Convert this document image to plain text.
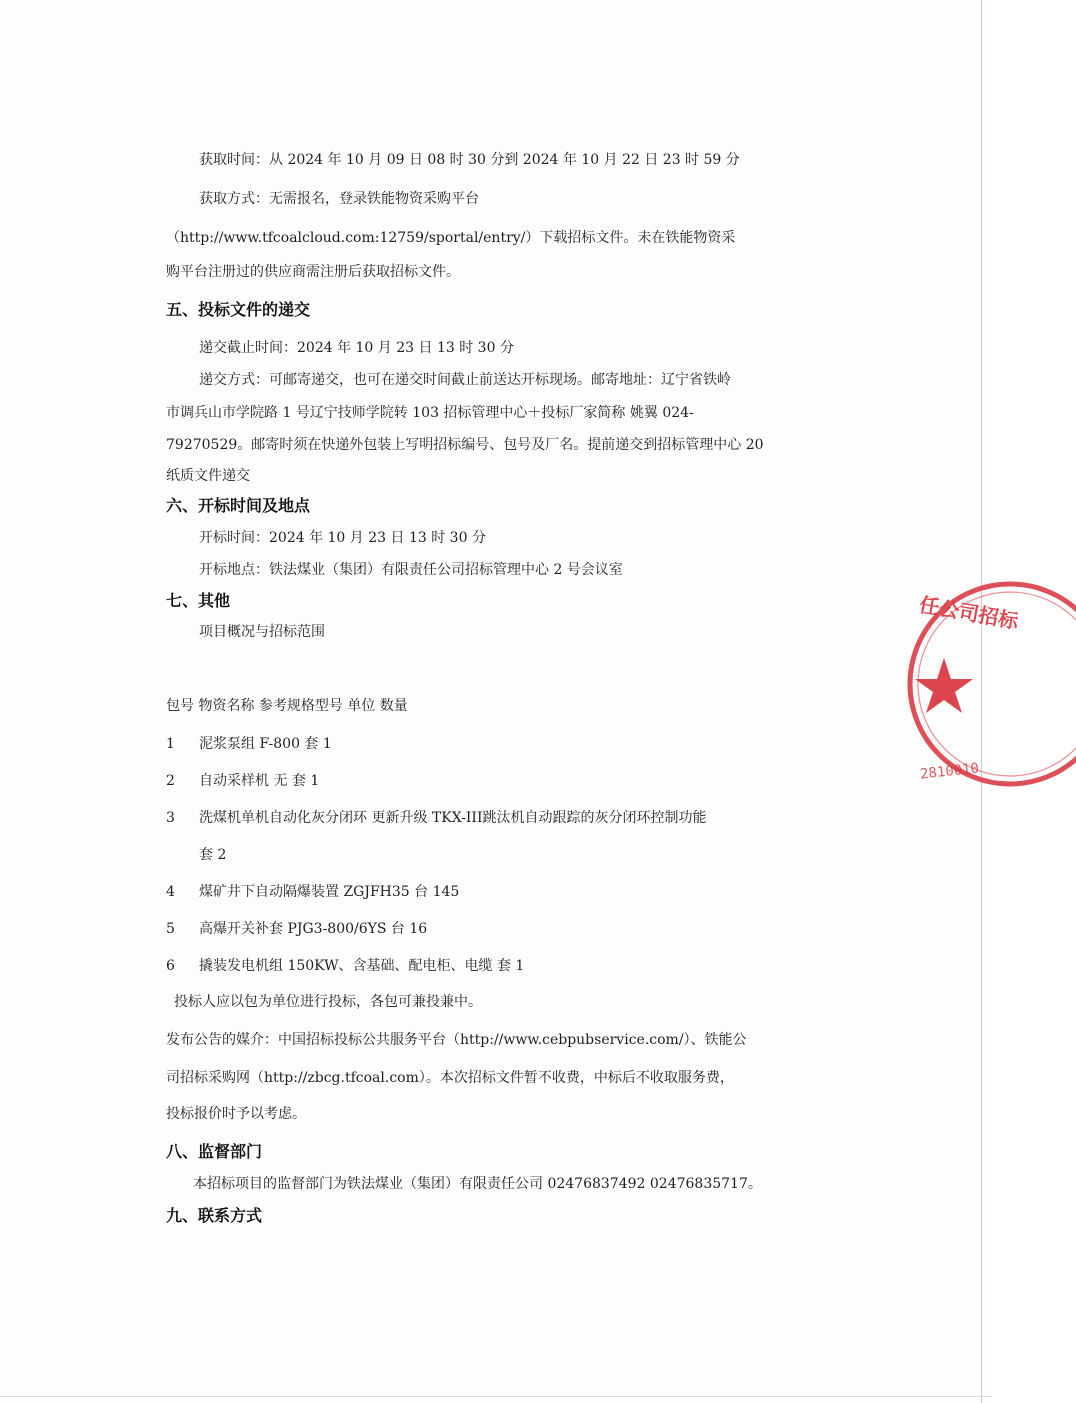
获取时间：从 2024 年 10 月 09 日 08 时 30 分到 2024 年 10 月 22 日 23 时 59 分
获取方式：无需报名，登录铁能物资采购平台
（http://www.tfcoalcloud.com:12759/sportal/entry/）下载招标文件。未在铁能物资采
购平台注册过的供应商需注册后获取招标文件。
五、投标文件的递交
递交截止时间：2024 年 10 月 23 日 13 时 30 分
递交方式：可邮寄递交，也可在递交时间截止前送达开标现场。邮寄地址：辽宁省铁岭
市调兵山市学院路 1 号辽宁技师学院转 103 招标管理中心＋投标厂家简称 姚翼 024-
79270529。邮寄时须在快递外包装上写明招标编号、包号及厂名。提前递交到招标管理中心 20
纸质文件递交
六、开标时间及地点
开标时间：2024 年 10 月 23 日 13 时 30 分
开标地点：铁法煤业（集团）有限责任公司招标管理中心 2 号会议室
七、其他
项目概况与招标范围
包号 物资名称 参考规格型号 单位 数量
1 泥浆泵组 F-800 套 1
2 自动采样机 无 套 1
3 洗煤机单机自动化灰分闭环 更新升级 TKX-III跳汰机自动跟踪的灰分闭环控制功能
套 2
4 煤矿井下自动隔爆装置 ZGJFH35 台 145
5 高爆开关补套 PJG3-800/6YS 台 16
6 撬装发电机组 150KW、含基础、配电柜、电缆 套 1
投标人应以包为单位进行投标，各包可兼投兼中。
发布公告的媒介：中国招标投标公共服务平台（http://www.cebpubservice.com/）、铁能公
司招标采购网（http://zbcg.tfcoal.com）。本次招标文件暂不收费，中标后不收取服务费，
投标报价时予以考虑。
八、监督部门
本招标项目的监督部门为铁法煤业（集团）有限责任公司 02476837492 02476835717。
九、联系方式
任公司招标
2810010
